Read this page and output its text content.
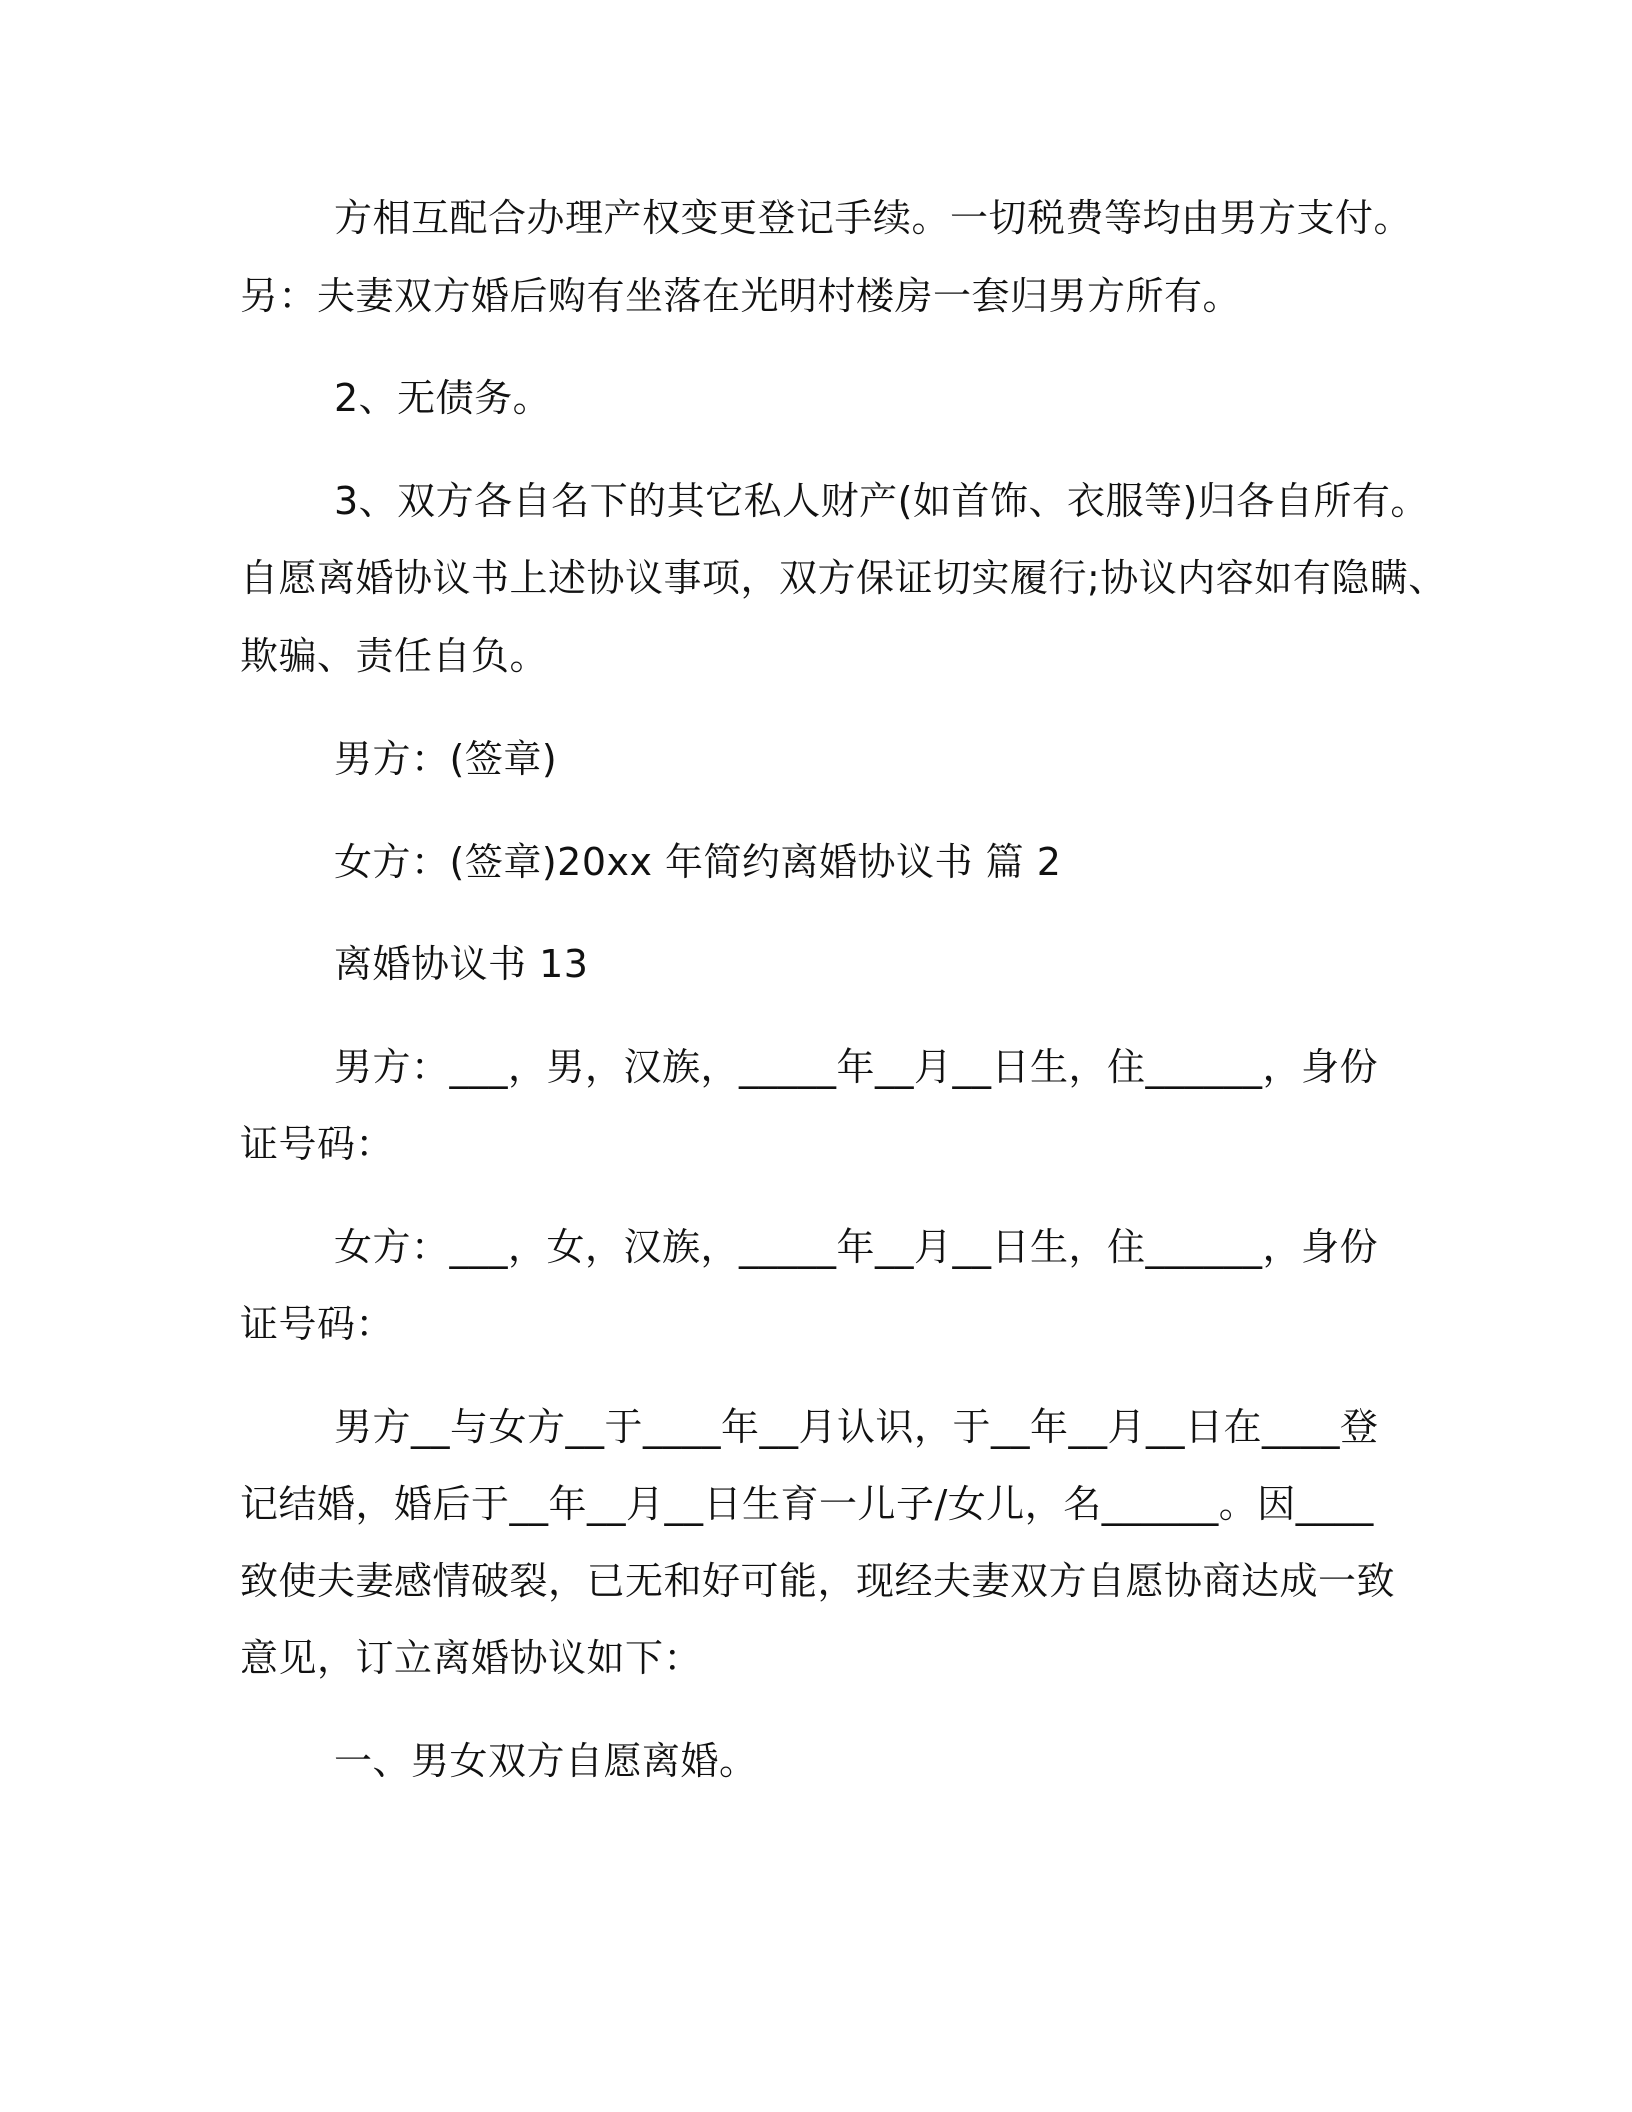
方相互配合办理产权变更登记手续。一切税费等均由男方支付。
另：夫妻双方婚后购有坐落在光明村楼房一套归男方所有。
2、无债务。
3、双方各自名下的其它私人财产(如首饰、衣服等)归各自所有。
自愿离婚协议书上述协议事项，双方保证切实履行;协议内容如有隐瞒、
欺骗、责任自负。
男方：(签章)
女方：(签章)20xx 年简约离婚协议书 篇 2
离婚协议书 13
男方：___，男，汉族，_____年__月__日生，住______，身份
证号码：
女方：___，女，汉族，_____年__月__日生，住______，身份
证号码：
男方__与女方__于____年__月认识，于__年__月__日在____登
记结婚，婚后于__年__月__日生育一儿子/女儿，名______。因____
致使夫妻感情破裂，已无和好可能，现经夫妻双方自愿协商达成一致
意见，订立离婚协议如下：
一、男女双方自愿离婚。
